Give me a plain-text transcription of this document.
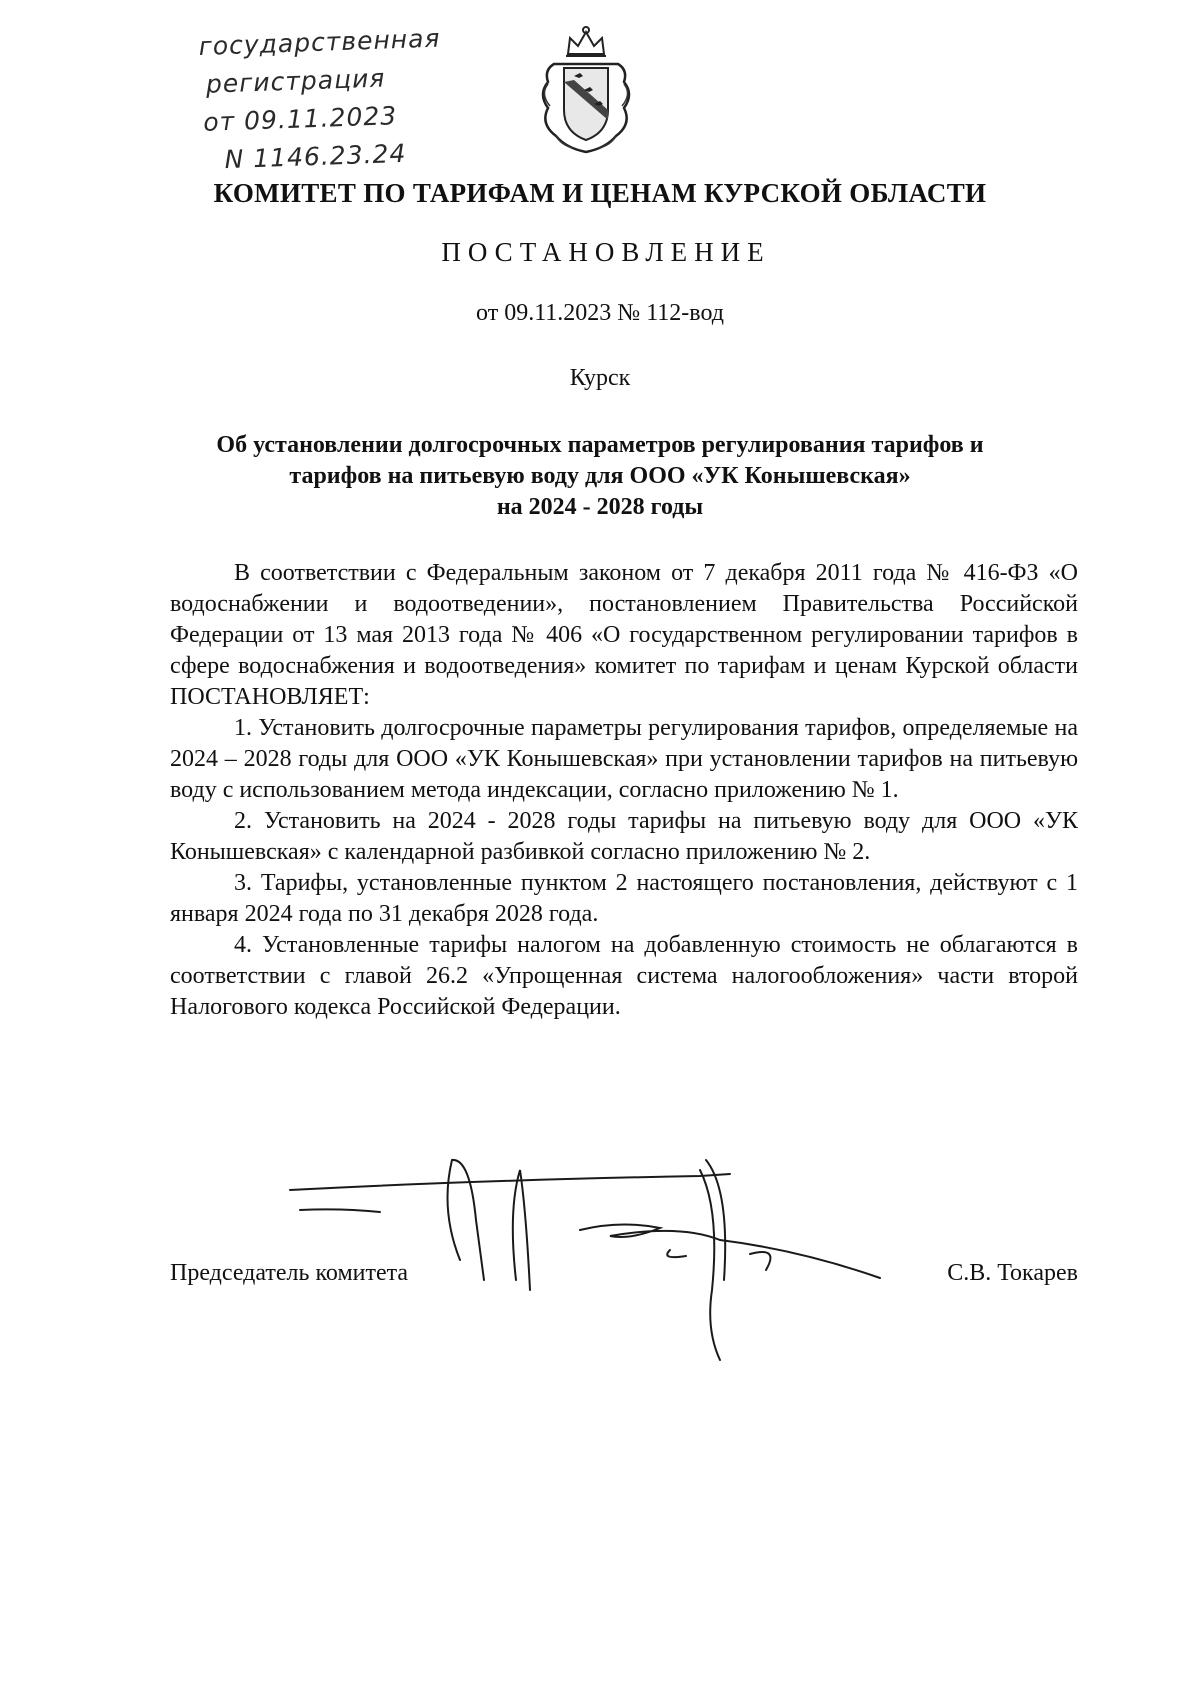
государственная
регистрация
от 09.11.2023
N 1146.23.24
КОМИТЕТ ПО ТАРИФАМ И ЦЕНАМ КУРСКОЙ ОБЛАСТИ
ПОСТАНОВЛЕНИЕ
от 09.11.2023 № 112-вод
Курск
Об установлении долгосрочных параметров регулирования тарифов и
тарифов на питьевую воду для ООО «УК Конышевская»
на 2024 - 2028 годы

В соответствии с Федеральным законом от 7 декабря 2011 года № 416-ФЗ «О водоснабжении и водоотведении», постановлением Правительства Российской Федерации от 13 мая 2013 года № 406 «О государственном регулировании тарифов в сфере водоснабжения и водоотведения» комитет по тарифам и ценам Курской области ПОСТАНОВЛЯЕТ:

1. Установить долгосрочные параметры регулирования тарифов, определяемые на 2024 – 2028 годы для ООО «УК Конышевская» при установлении тарифов на питьевую воду с использованием метода индексации, согласно приложению № 1.

2. Установить на 2024 - 2028 годы тарифы на питьевую воду для ООО «УК Конышевская» с календарной разбивкой согласно приложению № 2.

3. Тарифы, установленные пунктом 2 настоящего постановления, действуют с 1 января 2024 года по 31 декабря 2028 года.

4. Установленные тарифы налогом на добавленную стоимость не облагаются в соответствии с главой 26.2 «Упрощенная система налогообложения» части второй Налогового кодекса Российской Федерации.

Председатель комитета	С.В. Токарев
